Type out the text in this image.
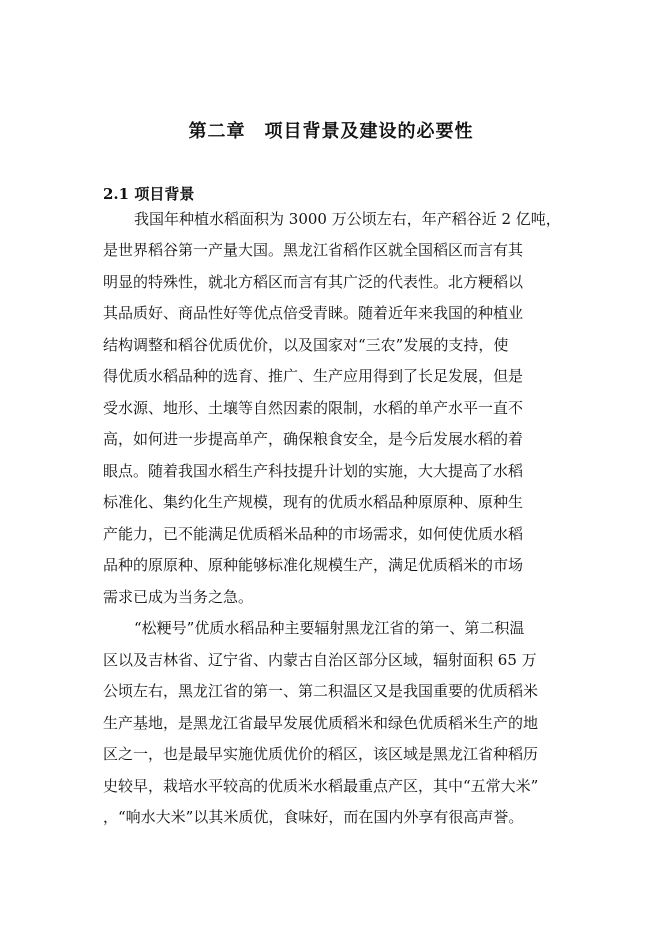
第二章　项目背景及建设的必要性
2.1 项目背景
我国年种植水稻面积为 3000 万公顷左右，年产稻谷近 2 亿吨，
是世界稻谷第一产量大国。黑龙江省稻作区就全国稻区而言有其
明显的特殊性，就北方稻区而言有其广泛的代表性。北方粳稻以
其品质好、商品性好等优点倍受青睐。随着近年来我国的种植业
结构调整和稻谷优质优价，以及国家对“三农”发展的支持，使
得优质水稻品种的选育、推广、生产应用得到了长足发展，但是
受水源、地形、土壤等自然因素的限制，水稻的单产水平一直不
高，如何进一步提高单产，确保粮食安全，是今后发展水稻的着
眼点。随着我国水稻生产科技提升计划的实施，大大提高了水稻
标准化、集约化生产规模，现有的优质水稻品种原原种、原种生
产能力，已不能满足优质稻米品种的市场需求，如何使优质水稻
品种的原原种、原种能够标准化规模生产，满足优质稻米的市场
需求已成为当务之急。
“松粳号”优质水稻品种主要辐射黑龙江省的第一、第二积温
区以及吉林省、辽宁省、内蒙古自治区部分区域，辐射面积 65 万
公顷左右，黑龙江省的第一、第二积温区又是我国重要的优质稻米
生产基地，是黑龙江省最早发展优质稻米和绿色优质稻米生产的地
区之一，也是最早实施优质优价的稻区，该区域是黑龙江省种稻历
史较早，栽培水平较高的优质米水稻最重点产区，其中“五常大米”
，“响水大米”以其米质优，食味好，而在国内外享有很高声誉。
